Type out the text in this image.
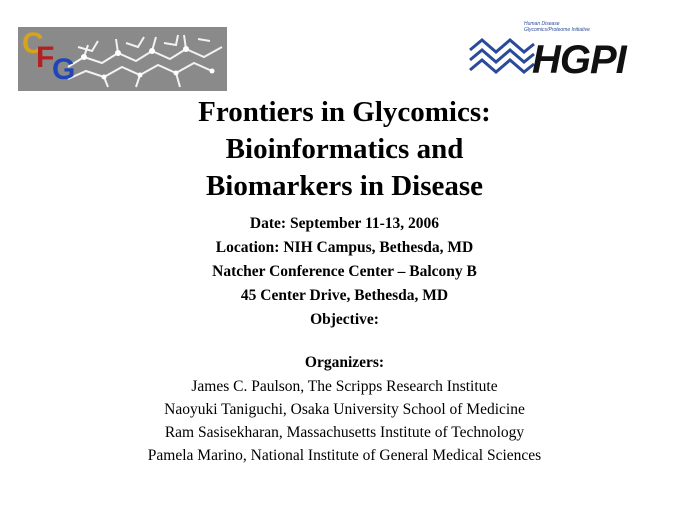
C
F
G
Human Disease
Glycomics/Proteome Initiative
HGPI
Frontiers in Glycomics:
Bioinformatics and
Biomarkers in Disease
Date: September 11-13, 2006
Location: NIH Campus, Bethesda, MD
Natcher Conference Center – Balcony B
45 Center Drive, Bethesda, MD
Objective:
Organizers:
James C. Paulson, The Scripps Research Institute
Naoyuki Taniguchi, Osaka University School of Medicine
Ram Sasisekharan, Massachusetts Institute of Technology
Pamela Marino, National Institute of General Medical Sciences
